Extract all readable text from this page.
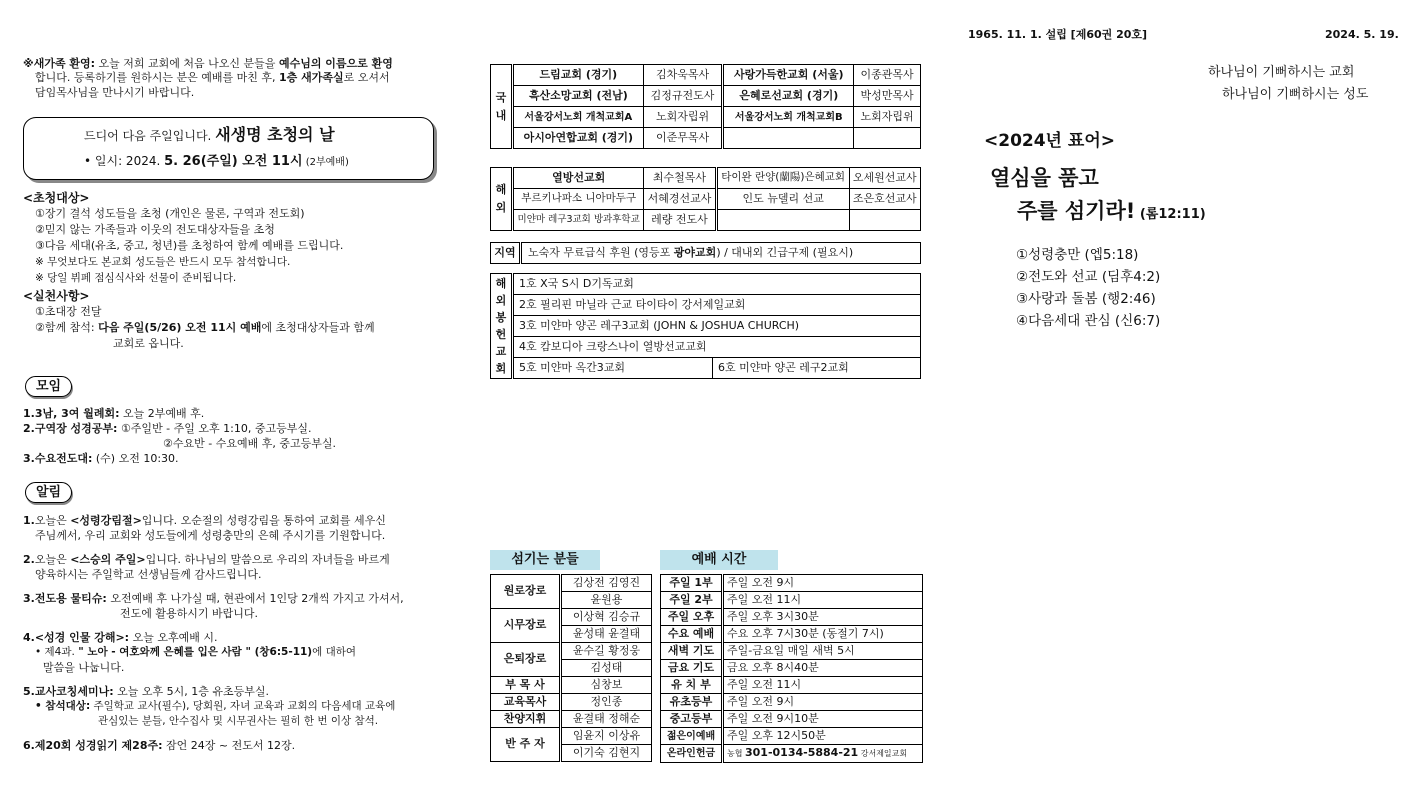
1965. 11. 1. 설립 [제60권 20호]	2024. 5. 19.
※새가족 환영: 오늘 저희 교회에 처음 나오신 분들을 예수님의 이름으로 환영
합니다. 등록하기를 원하시는 분은 예배를 마친 후, 1층 새가족실로 오셔서
담임목사님을 만나시기 바랍니다.
드디어 다음 주일입니다. 새생명 초청의 날
• 일시: 2024. 5. 26(주일) 오전 11시 (2부예배)
<초청대상>
①장기 결석 성도들을 초청 (개인은 물론, 구역과 전도회)
②믿지 않는 가족들과 이웃의 전도대상자들을 초청
③다음 세대(유초, 중고, 청년)를 초청하여 함께 예배를 드립니다.
※ 무엇보다도 본교회 성도들은 반드시 모두 참석합니다.
※ 당일 뷔페 점심식사와 선물이 준비됩니다.
<실천사항>
①초대장 전달
②함께 참석: 다음 주일(5/26) 오전 11시 예배에 초청대상자들과 함께
교회로 옵니다.
모임
1.3남, 3여 월례회: 오늘 2부예배 후.
2.구역장 성경공부: ①주일반 - 주일 오후 1:10, 중고등부실.
②수요반 - 수요예배 후, 중고등부실.
3.수요전도대: (수) 오전 10:30.
알림
1.오늘은 <성령강림절>입니다. 오순절의 성령강림을 통하여 교회를 세우신
주님께서, 우리 교회와 성도들에게 성령충만의 은혜 주시기를 기원합니다.
2.오늘은 <스승의 주일>입니다. 하나님의 말씀으로 우리의 자녀들을 바르게
양육하시는 주일학교 선생님들께 감사드립니다.
3.전도용 물티슈: 오전예배 후 나가실 때, 현관에서 1인당 2개씩 가지고 가셔서,
전도에 활용하시기 바랍니다.
4.<성경 인물 강해>: 오늘 오후예배 시.
• 제4과. " 노아 - 여호와께 은혜를 입은 사람 " (창6:5-11)에 대하여
말씀을 나눕니다.
5.교사코칭세미나: 오늘 오후 5시, 1층 유초등부실.
• 참석대상: 주일학교 교사(필수), 당회원, 자녀 교육과 교회의 다음세대 교육에
관심있는 분들, 안수집사 및 시무권사는 필히 한 번 이상 참석.
6.제20회 성경읽기 제28주: 잠언 24장 ~ 전도서 12장.
국 내	드림교회 (경기)	김차욱목사	사랑가득한교회 (서울)	이종관목사
	흑산소망교회 (전남)	김정규전도사	은혜로선교회 (경기)	박성만목사
	서울강서노회 개척교회A	노회자립위	서울강서노회 개척교회B	노회자립위
	아시아연합교회 (경기)	이준무목사		
해 외	열방선교회	최수철목사	타이완 란양(蘭陽)은혜교회	오세원선교사
	부르키나파소 니아마두구	서혜경선교사	인도 뉴델리 선교	조은호선교사
	미얀마 레구3교회 방과후학교	레량 전도사		
지역	노숙자 무료급식 후원 (영등포 광야교회) / 대내외 긴급구제 (필요시)
해 외 봉 헌 교 회	1호 X국 S시 D기독교회	
	2호 필리핀 마닐라 근교 타이타이 강서제일교회	
	3호 미얀마 양곤 레구3교회 (JOHN & JOSHUA CHURCH)	
	4호 캄보디아 크랑스나이 열방선교교회	
	5호 미얀마 옥간3교회	6호 미얀마 양곤 레구2교회
섬기는 분들
원로장로	김상전 김영진
	윤원용
시무장로	이상혁 김승규
	윤성태 윤결태
은퇴장로	윤수길 황정웅
	김성태
부 목 사	심창보
교육목사	정인종
찬양지휘	윤결태 정해순
반 주 자	임윤지 이상유
	이기숙 김현지
예배 시간
주일 1부	주일 오전 9시
주일 2부	주일 오전 11시
주일 오후	주일 오후 3시30분
수요 예배	수요 오후 7시30분 (동절기 7시)
새벽 기도	주일-금요일 매일 새벽 5시
금요 기도	금요 오후 8시40분
유 치 부	주일 오전 11시
유초등부	주일 오전 9시
중고등부	주일 오전 9시10분
젊은이예배	주일 오후 12시50분
온라인헌금	농협 301-0134-5884-21 강서제일교회
하나님이 기뻐하시는 교회
하나님이 기뻐하시는 성도
<2024년 표어>
열심을 품고
주를 섬기라! (롬12:11)
①성령충만 (엡5:18)
②전도와 선교 (딤후4:2)
③사랑과 돌봄 (행2:46)
④다음세대 관심 (신6:7)
